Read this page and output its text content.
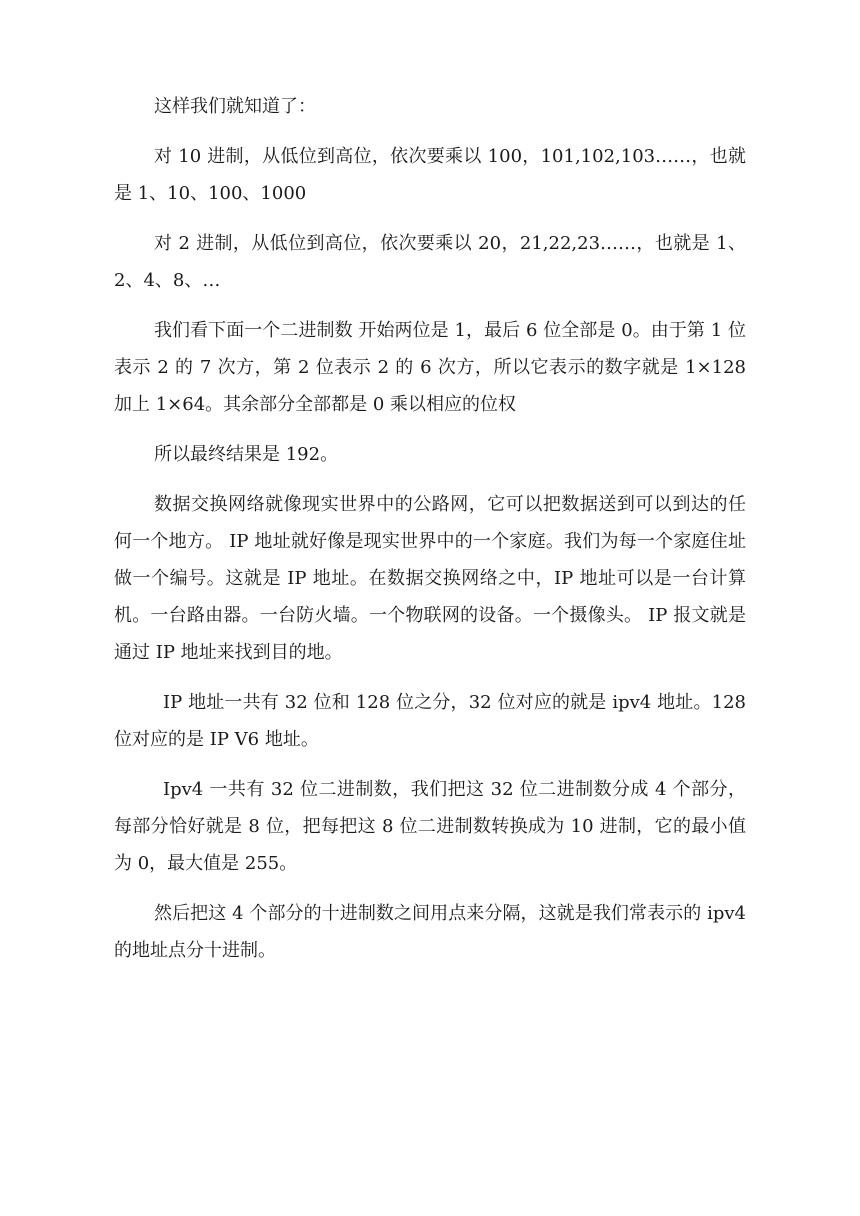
这样我们就知道了：

对 10 进制，从低位到高位，依次要乘以 100，101,102,103……，也就是 1、10、100、1000

对 2 进制，从低位到高位，依次要乘以 20，21,22,23……，也就是 1、2、4、8、…

我们看下面一个二进制数 开始两位是 1，最后 6 位全部是 0。由于第 1 位表示 2 的 7 次方，第 2 位表示 2 的 6 次方，所以它表示的数字就是 1×128 加上 1×64。其余部分全部都是 0 乘以相应的位权

所以最终结果是 192。

数据交换网络就像现实世界中的公路网，它可以把数据送到可以到达的任何一个地方。 IP 地址就好像是现实世界中的一个家庭。我们为每一个家庭住址做一个编号。这就是 IP 地址。在数据交换网络之中，IP 地址可以是一台计算机。一台路由器。一台防火墙。一个物联网的设备。一个摄像头。 IP 报文就是通过 IP 地址来找到目的地。

IP 地址一共有 32 位和 128 位之分，32 位对应的就是 ipv4 地址。128 位对应的是 IP V6 地址。

Ipv4 一共有 32 位二进制数，我们把这 32 位二进制数分成 4 个部分，每部分恰好就是 8 位，把每把这 8 位二进制数转换成为 10 进制，它的最小值为 0，最大值是 255。

然后把这 4 个部分的十进制数之间用点来分隔，这就是我们常表示的 ipv4 的地址点分十进制。
